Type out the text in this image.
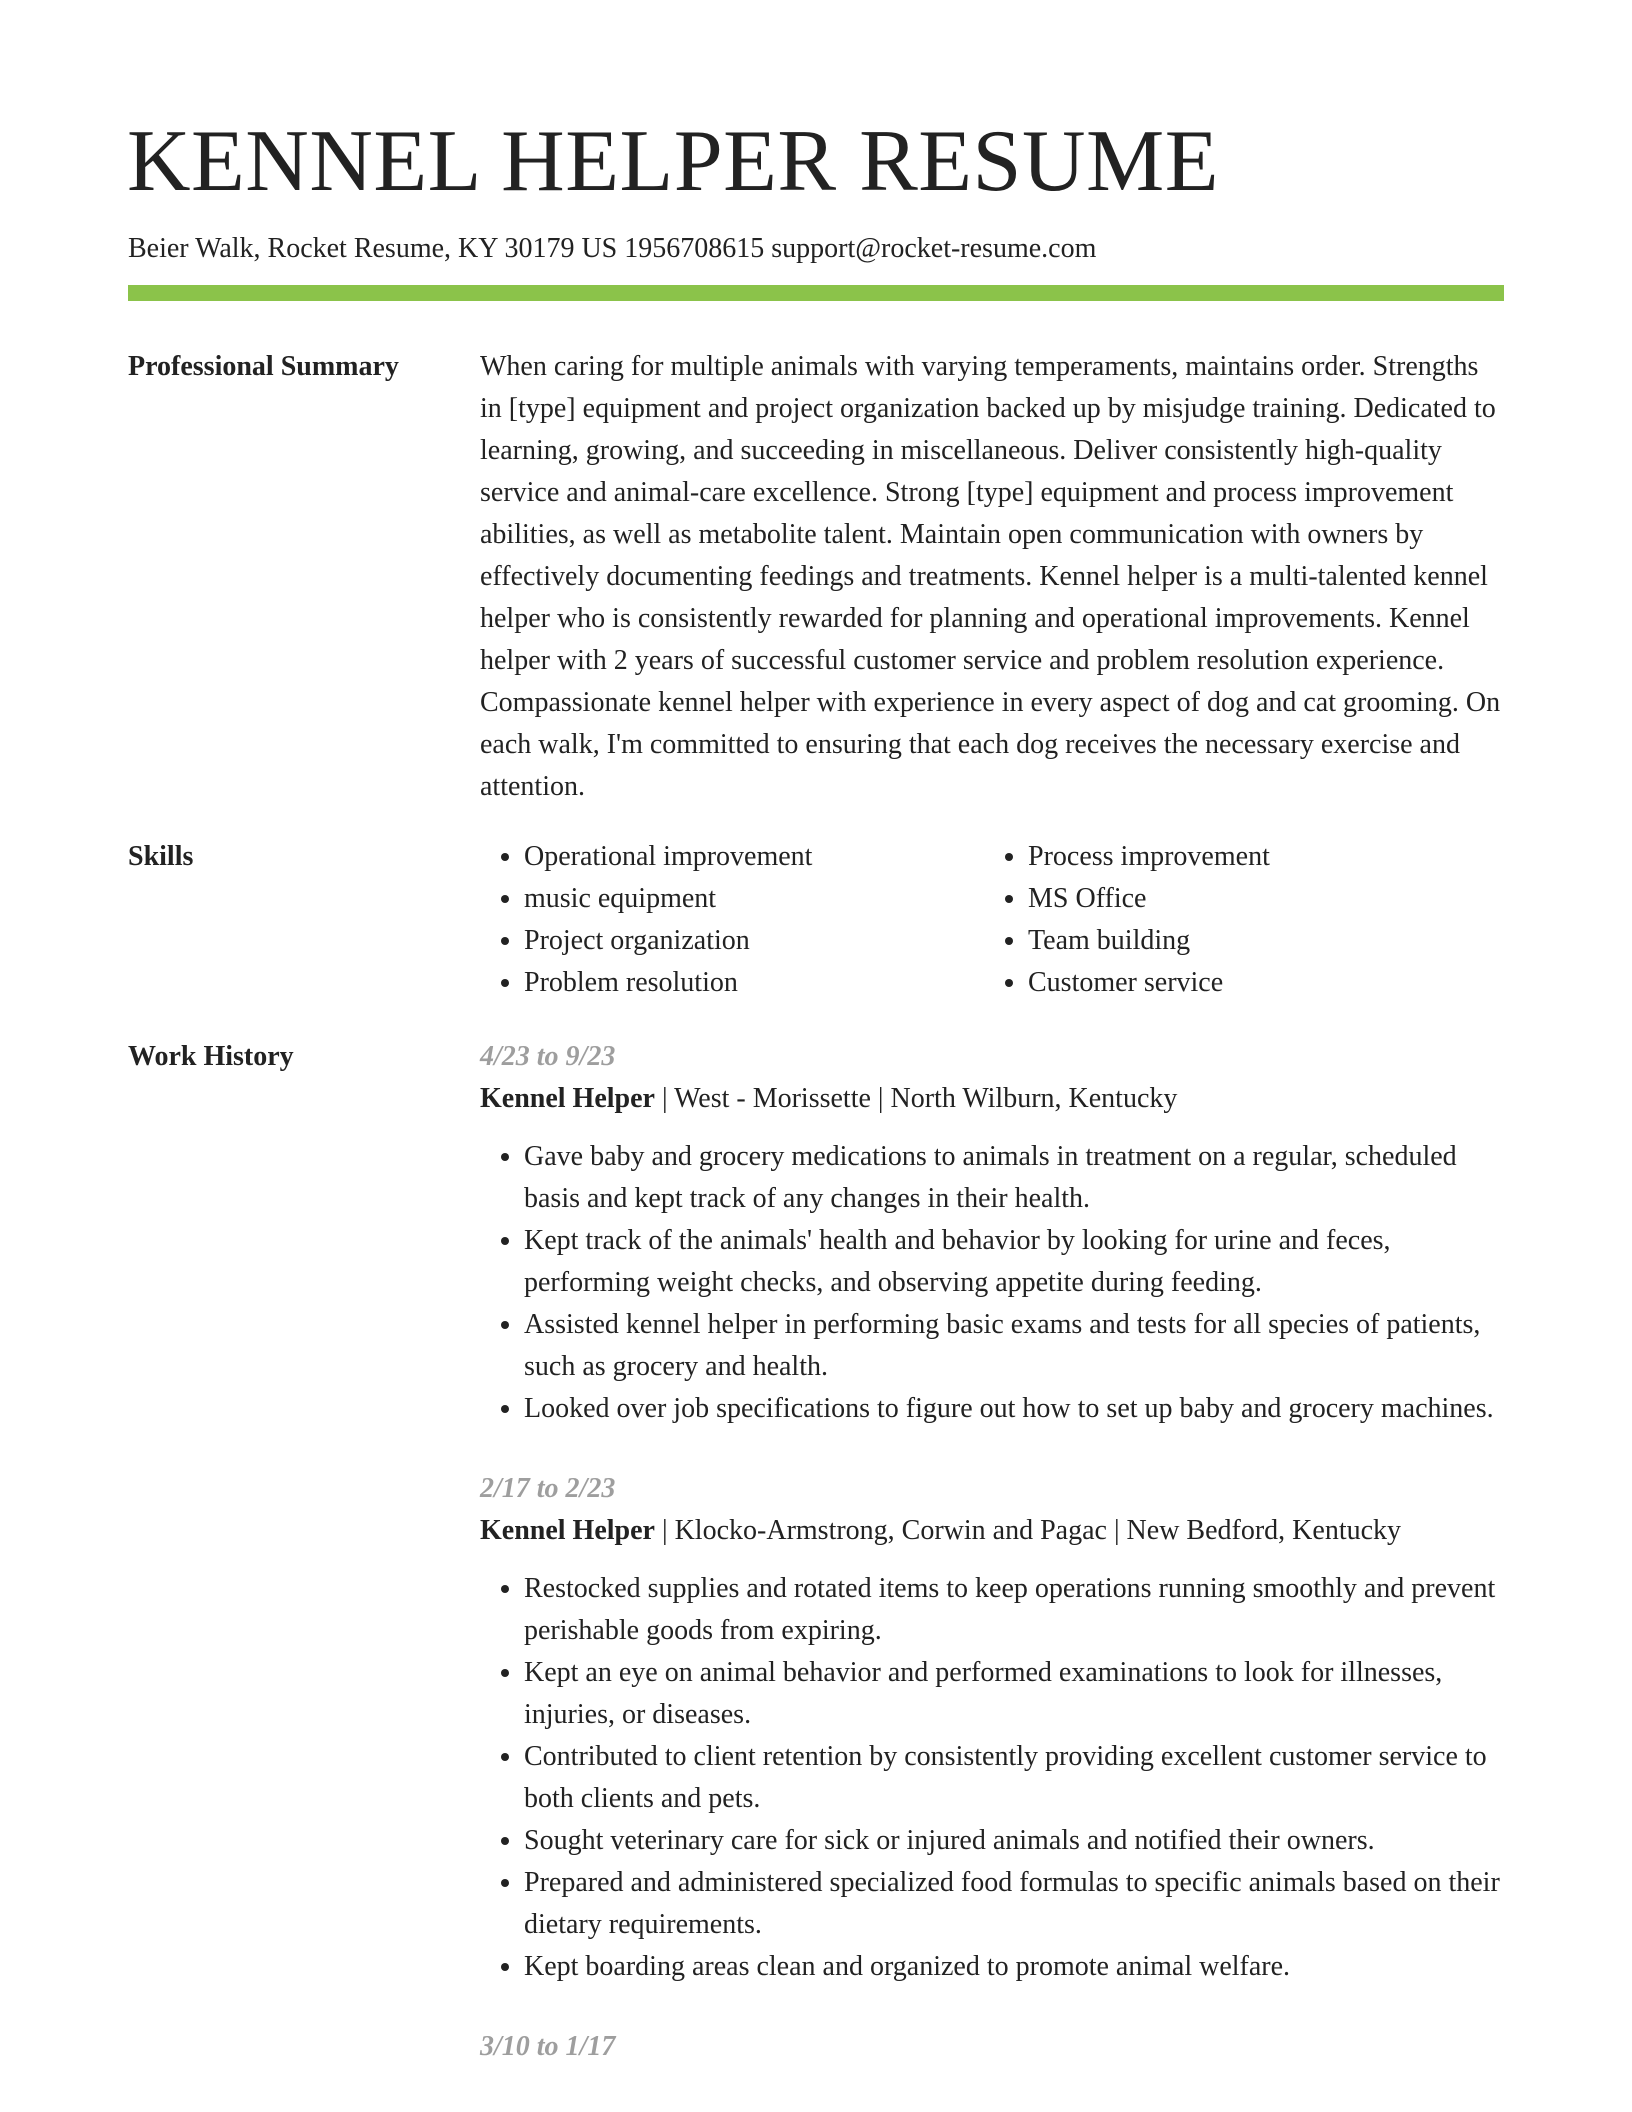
KENNEL HELPER RESUME
Beier Walk, Rocket Resume, KY 30179 US 1956708615 support@rocket-resume.com
Professional Summary	When caring for multiple animals with varying temperaments, maintains order. Strengths in [type] equipment and project organization backed up by misjudge training. Dedicated to learning, growing, and succeeding in miscellaneous. Deliver consistently high-quality service and animal-care excellence. Strong [type] equipment and process improvement abilities, as well as metabolite talent. Maintain open communication with owners by effectively documenting feedings and treatments. Kennel helper is a multi-talented kennel helper who is consistently rewarded for planning and operational improvements. Kennel helper with 2 years of successful customer service and problem resolution experience. Compassionate kennel helper with experience in every aspect of dog and cat grooming. On each walk, I'm committed to ensuring that each dog receives the necessary exercise and attention.

Skills
•	Operational improvement
• music equipment
• Project organization
• Problem resolution
• Process improvement
• MS Office
• Team building
• Customer service
Work History	4/23 to 9/23
Kennel Helper | West - Morissette | North Wilburn, Kentucky
• Gave baby and grocery medications to animals in treatment on a regular, scheduled basis and kept track of any changes in their health.
• Kept track of the animals' health and behavior by looking for urine and feces, performing weight checks, and observing appetite during feeding.
• Assisted kennel helper in performing basic exams and tests for all species of patients, such as grocery and health.
• Looked over job specifications to figure out how to set up baby and grocery machines.
2/17 to 2/23
Kennel Helper | Klocko-Armstrong, Corwin and Pagac | New Bedford, Kentucky
• Restocked supplies and rotated items to keep operations running smoothly and prevent perishable goods from expiring.
• Kept an eye on animal behavior and performed examinations to look for illnesses, injuries, or diseases.
• Contributed to client retention by consistently providing excellent customer service to both clients and pets.
• Sought veterinary care for sick or injured animals and notified their owners.
• Prepared and administered specialized food formulas to specific animals based on their dietary requirements.
• Kept boarding areas clean and organized to promote animal welfare.
3/10 to 1/17
